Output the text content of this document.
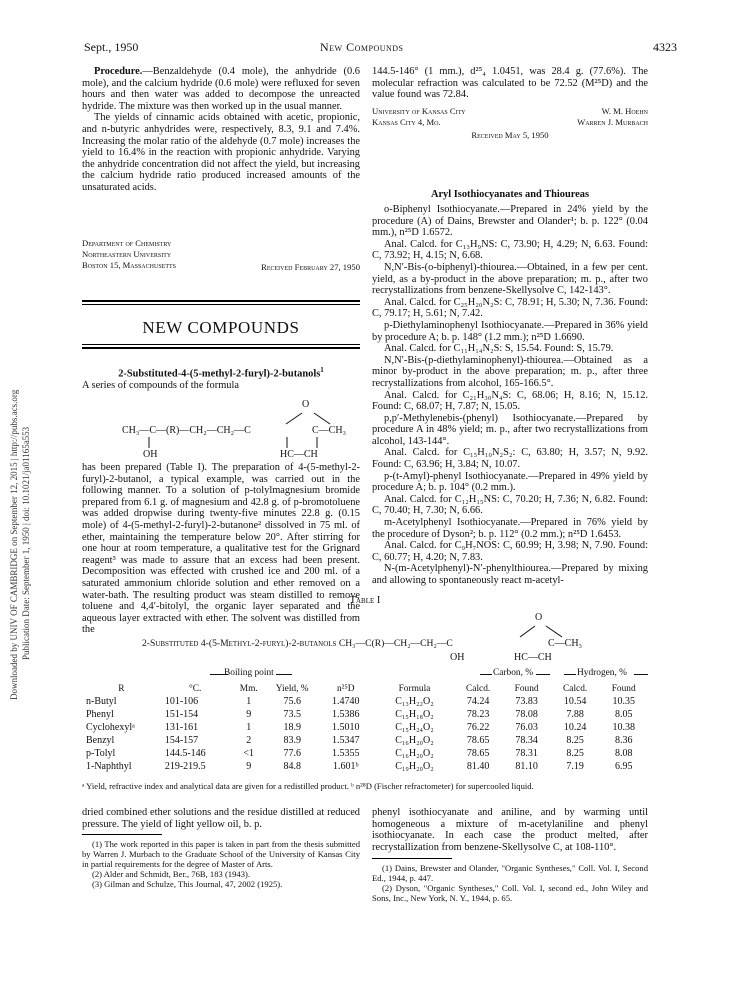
Sept., 1950	New Compounds	4323
Downloaded by UNIV OF CAMBRIDGE on September 12, 2015 | http://pubs.acs.org Publication Date: September 1, 1950 | doi: 10.1021/ja01165a553

Procedure.—Benzaldehyde (0.4 mole), the anhydride (0.6 mole), and the calcium hydride (0.6 mole) were refluxed for seven hours and then water was added to decompose the unreacted hydride. The mixture was then worked up in the usual manner.

The yields of cinnamic acids obtained with acetic, propionic, and n-butyric anhydrides were, respectively, 8.3, 9.1 and 7.4%. Increasing the molar ratio of the aldehyde (0.7 mole) increases the yield to 16.4% in the reaction with propionic anhydride. Varying the anhydride concentration did not affect the yield, but increasing the calcium hydride ratio produced increased amounts of the unsaturated acids.

Department of Chemistry
Northeastern University
Boston 15, Massachusetts	Received February 27, 1950
NEW COMPOUNDS
2-Substituted-4-(5-methyl-2-furyl)-2-butanols$^1$
A series of compounds of the formula
O
CH₃—C—(R)—CH₂—CH₂—C	C—CH₃
OH	HC—CH
has been prepared (Table I). The preparation of 4-(5-methyl-2-furyl)-2-butanol, a typical example, was carried out in the following manner. To a solution of p-tolylmagnesium bromide prepared from 6.1 g. of magnesium and 42.8 g. of p-bromotoluene was added dropwise during twenty-five minutes 22.8 g. (0.15 mole) of 4-(5-methyl-2-furyl)-2-butanone² dissolved in 75 ml. of ether, maintaining the temperature below 20°. After stirring for one hour at room temperature, a qualitative test for the Grignard reagent³ was made to assure that an excess had been present. Decomposition was effected with crushed ice and 200 ml. of a saturated ammonium chloride solution and ether removed on a water-bath. The resulting product was steam distilled to remove toluene and 4,4′-bitolyl, the organic layer separated and the aqueous layer extracted with ether. The solvent was distilled from the
144.5-146° (1 mm.), d²⁵₄ 1.0451, was 28.4 g. (77.6%). The molecular refraction was calculated to be 72.52 (M²⁵D) and the value found was 72.84.
University of Kansas City
Kansas City 4, Mo.
W. M. Hoehn
Warren J. Murbach
Received May 5, 1950
Aryl Isothiocyanates and Thioureas

o-Biphenyl Isothiocyanate.—Prepared in 24% yield by the procedure (A) of Dains, Brewster and Olander¹; b. p. 122° (0.04 mm.), n²⁵D 1.6572.

Anal. Calcd. for C₁₃H₉NS: C, 73.90; H, 4.29; N, 6.63. Found: C, 73.92; H, 4.15; N, 6.68.

N,N′-Bis-(o-biphenyl)-thiourea.—Obtained, in a few per cent. yield, as a by-product in the above preparation; m. p., after two recrystallizations from benzene-Skellysolve C, 142-143°.

Anal. Calcd. for C₂₅H₂₀N₂S: C, 78.91; H, 5.30; N, 7.36. Found: C, 79.17; H, 5.61; N, 7.42.

p-Diethylaminophenyl Isothiocyanate.—Prepared in 36% yield by procedure A; b. p. 148° (1.2 mm.); n²⁵D 1.6690.

Anal. Calcd. for C₁₁H₁₄N₂S: S, 15.54. Found: S, 15.79.

N,N′-Bis-(p-diethylaminophenyl)-thiourea.—Obtained as a minor by-product in the above preparation; m. p., after three recrystallizations from alcohol, 165-166.5°.

Anal. Calcd. for C₂₁H₃₀N₄S: C, 68.06; H, 8.16; N, 15.12. Found: C, 68.07; H, 7.87; N, 15.05.

p,p′-Methylenebis-(phenyl) Isothiocyanate.—Prepared by procedure A in 48% yield; m. p., after two recrystallizations from alcohol, 143-144°.

Anal. Calcd. for C₁₅H₁₀N₂S₂: C, 63.80; H, 3.57; N, 9.92. Found: C, 63.96; H, 3.84; N, 10.07.

p-(t-Amyl)-phenyl Isothiocyanate.—Prepared in 49% yield by procedure A; b. p. 104° (0.2 mm.).

Anal. Calcd. for C₁₂H₁₅NS: C, 70.20; H, 7.36; N, 6.82. Found: C, 70.40; H, 7.30; N, 6.66.

m-Acetylphenyl Isothiocyanate.—Prepared in 76% yield by the procedure of Dyson²; b. p. 112° (0.2 mm.); n²⁵D 1.6453.

Anal. Calcd. for C₉H₇NOS: C, 60.99; H, 3.98; N, 7.90. Found: C, 60.77; H, 4.20; N, 7.83.

N-(m-Acetylphenyl)-N′-phenylthiourea.—Prepared by mixing and allowing to spontaneously react m-acetyl-

Table I
O
2-Substituted 4-(5-Methyl-2-furyl)-2-butanols CH₃—C(R)—CH₂—CH₂—C	C—CH₃
OH	HC—CH
Boiling point	Carbon, %	Hydrogen, %
R	°C.	Mm.	Yield, %	n²⁵D	Formula	Calcd.	Found	Calcd.	Found
n-Butyl	101-106	1	75.6	1.4740	C₁₃H₂₂O₂	74.24	73.83	10.54	10.35
Phenyl	151-154	9	73.5	1.5386	C₁₅H₁₈O₂	78.23	78.08	7.88	8.05
Cyclohexylᵃ	131-161	1	18.9	1.5010	C₁₅H₂₄O₂	76.22	76.03	10.24	10.38
Benzyl	154-157	2	83.9	1.5347	C₁₆H₂₀O₂	78.65	78.34	8.25	8.36
p-Tolyl	144.5-146	<1	77.6	1.5355	C₁₆H₂₀O₂	78.65	78.31	8.25	8.08
1-Naphthyl	219-219.5	9	84.8	1.601ᵇ	C₁₉H₂₀O₂	81.40	81.10	7.19	6.95
ᵃ Yield, refractive index and analytical data are given for a redistilled product. ᵇ n²⁸D (Fischer refractometer) for supercooled liquid.
dried combined ether solutions and the residue distilled at reduced pressure. The yield of light yellow oil, b. p.
(1) The work reported in this paper is taken in part from the thesis submitted by Warren J. Murbach to the Graduate School of the University of Kansas City in partial requirements for the degree of Master of Arts.
(2) Alder and Schmidt, Ber., 76B, 183 (1943).
(3) Gilman and Schulze, This Journal, 47, 2002 (1925).
phenyl isothiocyanate and aniline, and by warming until homogeneous a mixture of m-acetylaniline and phenyl isothiocyanate. In each case the product melted, after recrystallization from benzene-Skellysolve C, at 108-110°.
(1) Dains, Brewster and Olander, "Organic Syntheses," Coll. Vol. I, Second Ed., 1944, p. 447.
(2) Dyson, "Organic Syntheses," Coll. Vol. I, second ed., John Wiley and Sons, Inc., New York, N. Y., 1944, p. 65.
